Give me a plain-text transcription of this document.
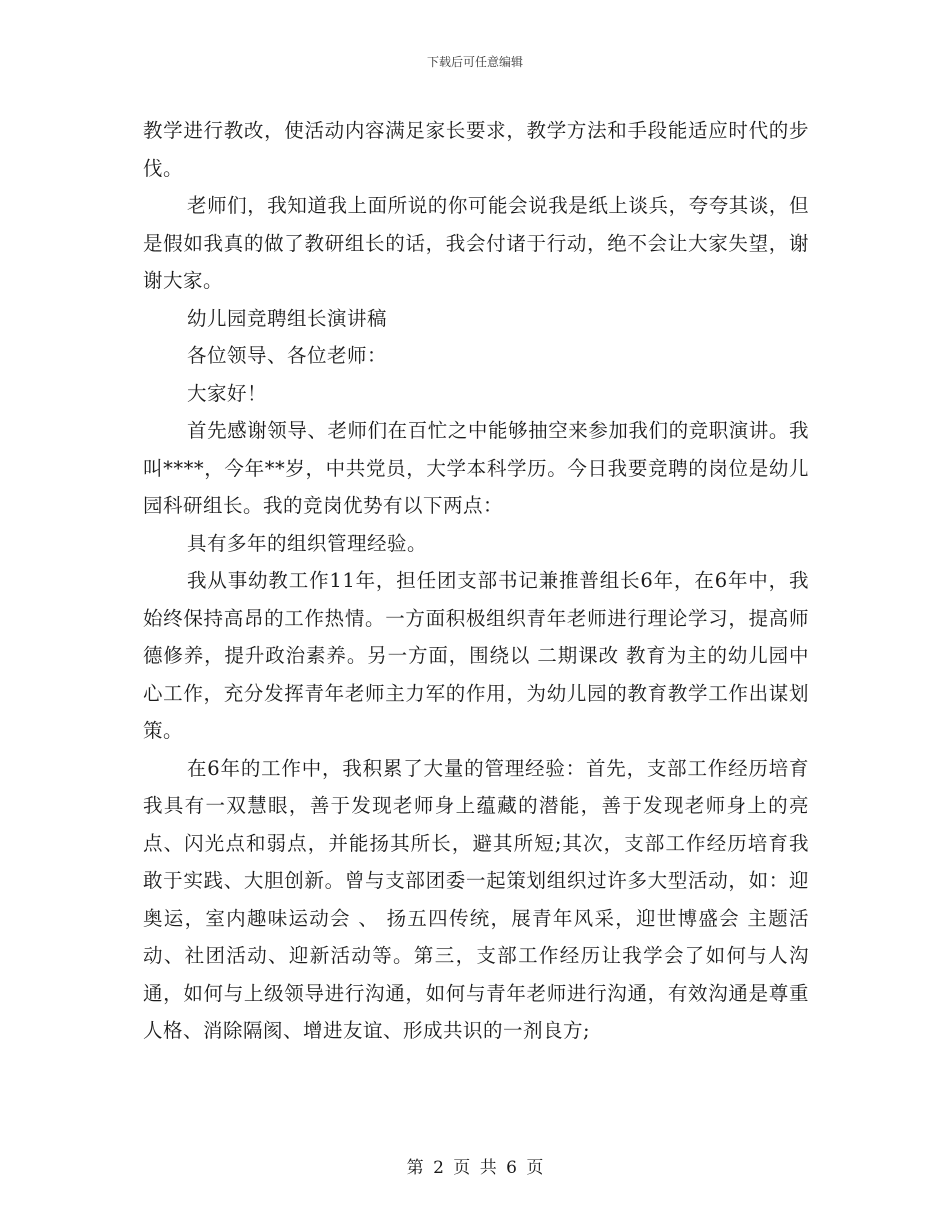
下载后可任意编辑

教学进行教改，使活动内容满足家长要求，教学方法和手段能适应时代的步伐。

老师们，我知道我上面所说的你可能会说我是纸上谈兵，夸夸其谈，但是假如我真的做了教研组长的话，我会付诸于行动，绝不会让大家失望，谢谢大家。

幼儿园竞聘组长演讲稿

各位领导、各位老师：

大家好！

首先感谢领导、老师们在百忙之中能够抽空来参加我们的竞职演讲。我叫****，今年**岁，中共党员，大学本科学历。今日我要竞聘的岗位是幼儿园科研组长。我的竞岗优势有以下两点：

具有多年的组织管理经验。

我从事幼教工作11年，担任团支部书记兼推普组长6年，在6年中，我始终保持高昂的工作热情。一方面积极组织青年老师进行理论学习，提高师德修养，提升政治素养。另一方面，围绕以 二期课改 教育为主的幼儿园中心工作，充分发挥青年老师主力军的作用，为幼儿园的教育教学工作出谋划策。

在6年的工作中，我积累了大量的管理经验：首先，支部工作经历培育我具有一双慧眼，善于发现老师身上蕴藏的潜能，善于发现老师身上的亮点、闪光点和弱点，并能扬其所长，避其所短;其次，支部工作经历培育我敢于实践、大胆创新。曾与支部团委一起策划组织过许多大型活动，如：迎奥运，室内趣味运动会 、 扬五四传统，展青年风采，迎世博盛会 主题活动、社团活动、迎新活动等。第三，支部工作经历让我学会了如何与人沟通，如何与上级领导进行沟通，如何与青年老师进行沟通，有效沟通是尊重人格、消除隔阂、增进友谊、形成共识的一剂良方;

第 2 页 共 6 页
